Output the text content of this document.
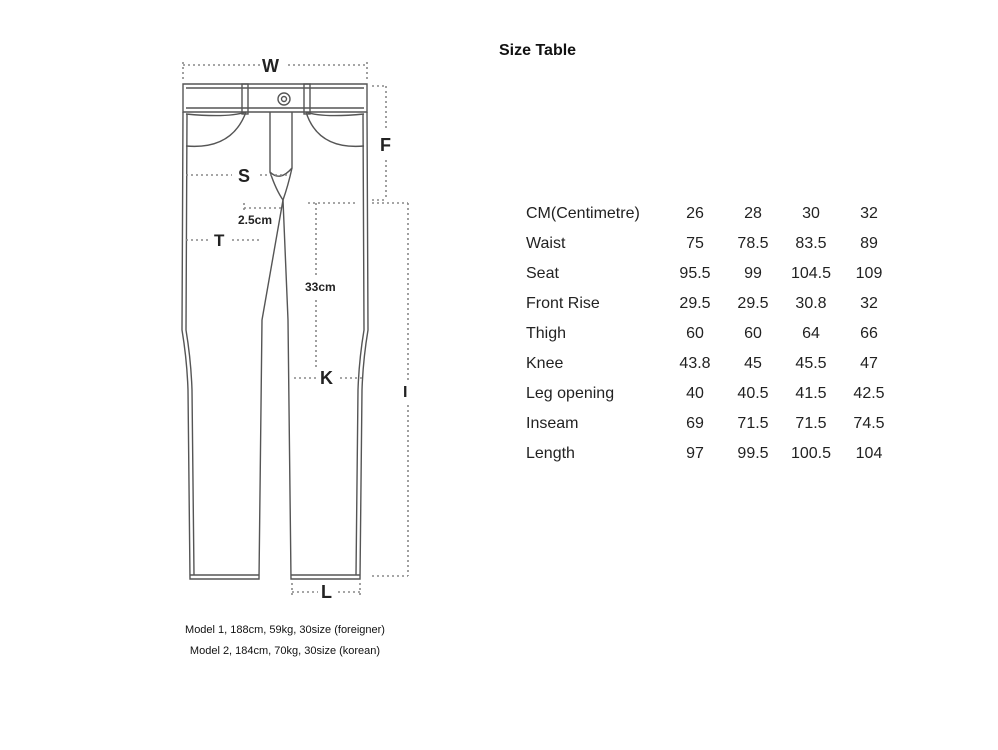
W
F
S
T
2.5cm
33cm
K
I
L
Size Table
CM(Centimetre)	26	28	30	32
Waist	75	78.5	83.5	89
Seat	95.5	99	104.5	109
Front Rise	29.5	29.5	30.8	32
Thigh	60	60	64	66
Knee	43.8	45	45.5	47
Leg opening	40	40.5	41.5	42.5
Inseam	69	71.5	71.5	74.5
Length	97	99.5	100.5	104
Model 1, 188cm, 59kg, 30size (foreigner)
Model 2, 184cm, 70kg, 30size (korean)
